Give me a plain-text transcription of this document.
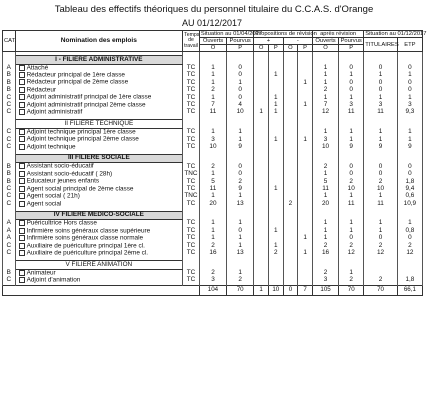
Tableau des effectifs théoriques du personnel titulaire du C.C.A.S. d'Orange
AU 01/12/2017
CAT.	Nomination des emplois	Temps de travail	Situation au 01/04/2017		Propositions de révision				après révision		Situation au 01/12/2017	
			Ouverts	Pourvus	+		-		Ouverts	Pourvus	TITULAIRES	ETP
			O	P	O	P	O	P	O	P		

	I - FILIERE ADMINISTRATIVE											
A	Attaché	TC	1	0					1	0	0	0
B	Rédacteur principal de 1ère classe	TC	1	0		1			1	1	1	1
B	Rédacteur principal de 2ème classe	TC	1	1				1	1	0	0	0
B	Rédacteur	TC	2	0					2	0	0	0
C	Adjoint administratif principal de 1ère classe	TC	1	0		1			1	1	1	1
C	Adjoint administratif principal 2ème classe	TC	7	4		1		1	7	3	3	3
C	Adjoint administratif	TC	11	10	1	1			12	11	11	9,3

	II FILIERE TECHNIQUE											
C	Adjoint technique principal 1ère classe	TC	1	1					1	1	1	1
C	Adjoint technique principal 2ème classe	TC	3	1		1		1	3	1	1	1
C	Adjoint technique	TC	10	9					10	9	9	9

	III FILIERE SOCIALE											
B	Assistant socio-éducatif	TC	2	0					2	0	0	0
B	Assistant socio-éducatif ( 28h)	TNC	1	0					1	0	0	0
B	Educateur jeunes enfants	TC	5	2					5	2	2	1,8
C	Agent social principal de 2ème classe	TC	11	9		1			11	10	10	9,4
C	Agent social ( 21h)	TNC	1	1					1	1	1	0,6
C	Agent social	TC	20	13			2		20	11	11	10,9

	IV FILIERE MEDICO-SOCIALE											
A	Puéricultrice Hors classe	TC	1	1					1	1	1	1
A	Infirmière soins généraux classe supérieure	TC	1	0		1			1	1	1	0,8
A	Infirmière soins généraux classe normale	TC	1	1				1	1	0	0	0
C	Auxiliaire de puériculture principal 1ère cl.	TC	2	1		1			2	2	2	2
C	Auxiliaire de puériculture principal 2ème cl.	TC	16	13		2		1	16	12	12	12

	V FILIERE ANIMATION											
B	Animateur	TC	2	1					2	1		
C	Adjoint d'animation	TC	3	2					3	2	2	1,8
			104	70	1	10	0	7	105	70	70	66,1
